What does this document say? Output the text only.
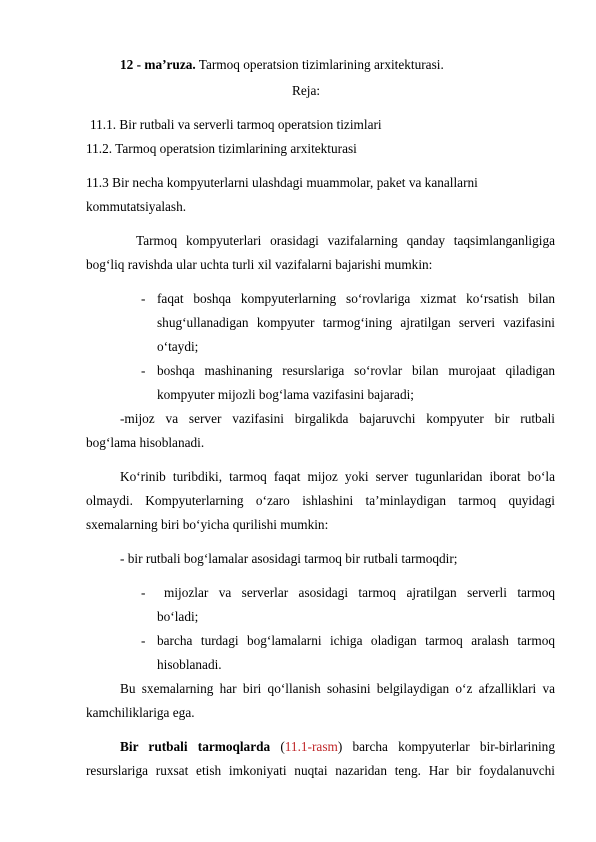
12 - ma’ruza. Tarmoq operatsion tizimlarining arxitekturasi.
Reja:
11.1. Bir rutbali va serverli tarmoq operatsion tizimlari
11.2. Tarmoq operatsion tizimlarining arxitekturasi
11.3 Bir necha kompyuterlarni ulashdagi muammolar, paket va kanallarni
kommutatsiyalash.
Tarmoq kompyuterlari orasidagi vazifalarning qanday taqsimlanganligiga
bog‘liq ravishda ular uchta turli xil vazifalarni bajarishi mumkin:
- faqat boshqa kompyuterlarning so‘rovlariga xizmat ko‘rsatish bilan
shug‘ullanadigan kompyuter tarmog‘ining ajratilgan serveri vazifasini
o‘taydi;
- boshqa mashinaning resurslariga so‘rovlar bilan murojaat qiladigan
kompyuter mijozli bog‘lama vazifasini bajaradi;
-mijoz va server vazifasini birgalikda bajaruvchi kompyuter bir rutbali
bog‘lama hisoblanadi.
Ko‘rinib turibdiki, tarmoq faqat mijoz yoki server tugunlaridan iborat bo‘la
olmaydi. Kompyuterlarning o‘zaro ishlashini ta’minlaydigan tarmoq quyidagi
sxemalarning biri bo‘yicha qurilishi mumkin:
- bir rutbali bog‘lamalar asosidagi tarmoq bir rutbali tarmoqdir;
- mijozlar va serverlar asosidagi tarmoq ajratilgan serverli tarmoq
bo‘ladi;
- barcha turdagi bog‘lamalarni ichiga oladigan tarmoq aralash tarmoq
hisoblanadi.
Bu sxemalarning har biri qo‘llanish sohasini belgilaydigan o‘z afzalliklari va
kamchiliklariga ega.
Bir rutbali tarmoqlarda (11.1-rasm) barcha kompyuterlar bir-birlarining
resurslariga ruxsat etish imkoniyati nuqtai nazaridan teng. Har bir foydalanuvchi
